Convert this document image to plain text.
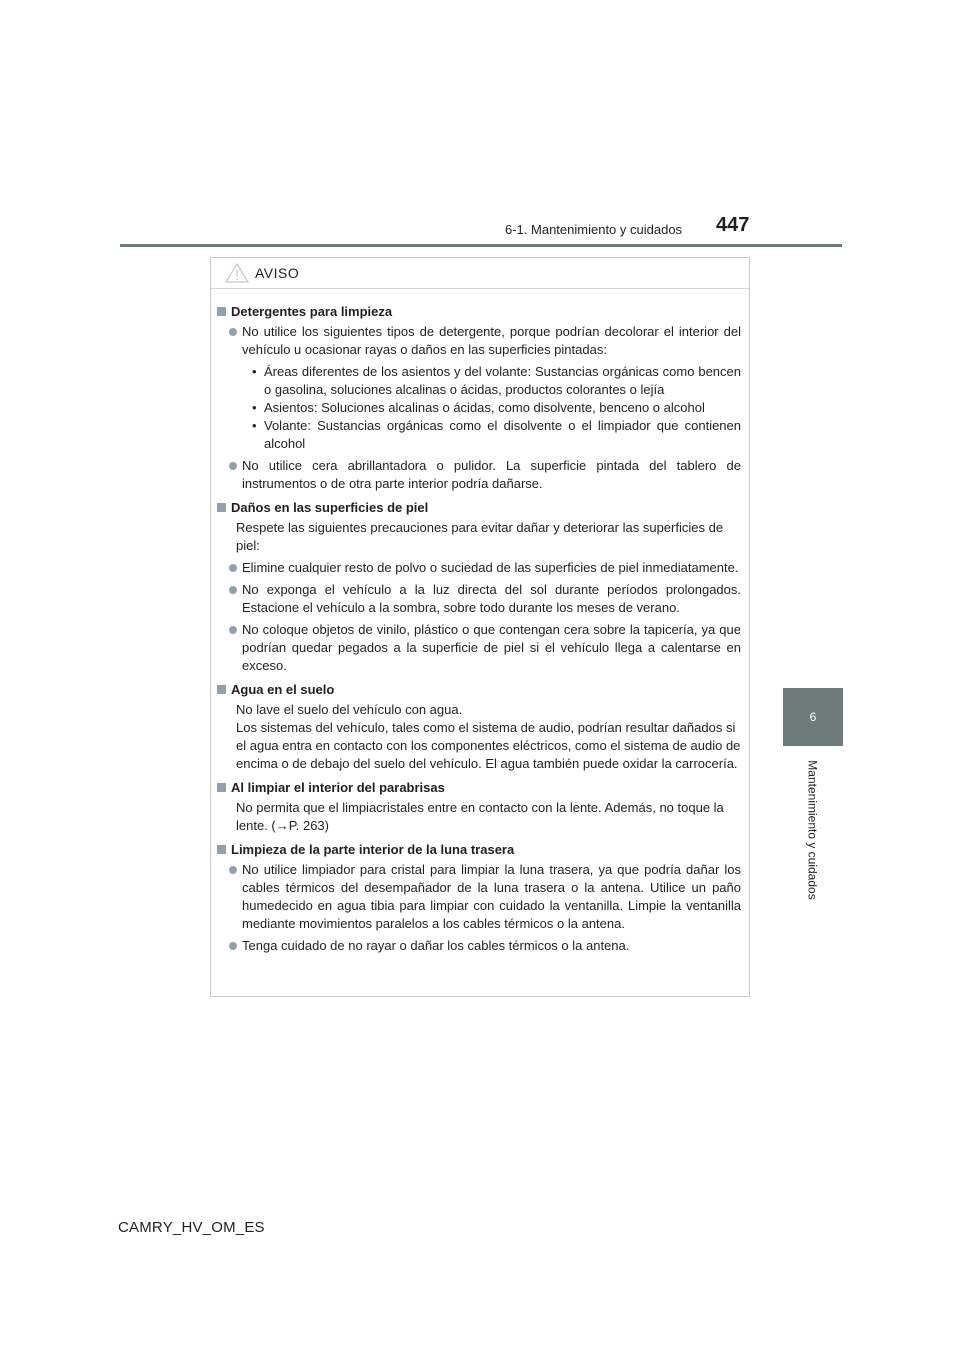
447
6-1. Mantenimiento y cuidados
6
Mantenimiento y cuidados
AVISO
Detergentes para limpieza
No utilice los siguientes tipos de detergente, porque podrían decolorar el interior del vehículo u ocasionar rayas o daños en las superficies pintadas:
• Áreas diferentes de los asientos y del volante: Sustancias orgánicas como bencen o gasolina, soluciones alcalinas o ácidas, productos colorantes o lejía
• Asientos: Soluciones alcalinas o ácidas, como disolvente, benceno o alcohol
• Volante: Sustancias orgánicas como el disolvente o el limpiador que contienen alcohol
No utilice cera abrillantadora o pulidor. La superficie pintada del tablero de instrumentos o de otra parte interior podría dañarse.
Daños en las superficies de piel
Respete las siguientes precauciones para evitar dañar y deteriorar las superficies de piel:
Elimine cualquier resto de polvo o suciedad de las superficies de piel inmediatamente.
No exponga el vehículo a la luz directa del sol durante períodos prolongados. Estacione el vehículo a la sombra, sobre todo durante los meses de verano.
No coloque objetos de vinilo, plástico o que contengan cera sobre la tapicería, ya que podrían quedar pegados a la superficie de piel si el vehículo llega a calentarse en exceso.
Agua en el suelo
No lave el suelo del vehículo con agua.
Los sistemas del vehículo, tales como el sistema de audio, podrían resultar dañados si el agua entra en contacto con los componentes eléctricos, como el sistema de audio de encima o de debajo del suelo del vehículo. El agua también puede oxidar la carrocería.
Al limpiar el interior del parabrisas
No permita que el limpiacristales entre en contacto con la lente. Además, no toque la lente. (→P. 263)
Limpieza de la parte interior de la luna trasera
No utilice limpiador para cristal para limpiar la luna trasera, ya que podría dañar los cables térmicos del desempañador de la luna trasera o la antena. Utilice un paño humedecido en agua tibia para limpiar con cuidado la ventanilla. Limpie la ventanilla mediante movimientos paralelos a los cables térmicos o la antena.
Tenga cuidado de no rayar o dañar los cables térmicos o la antena.
CAMRY_HV_OM_ES
